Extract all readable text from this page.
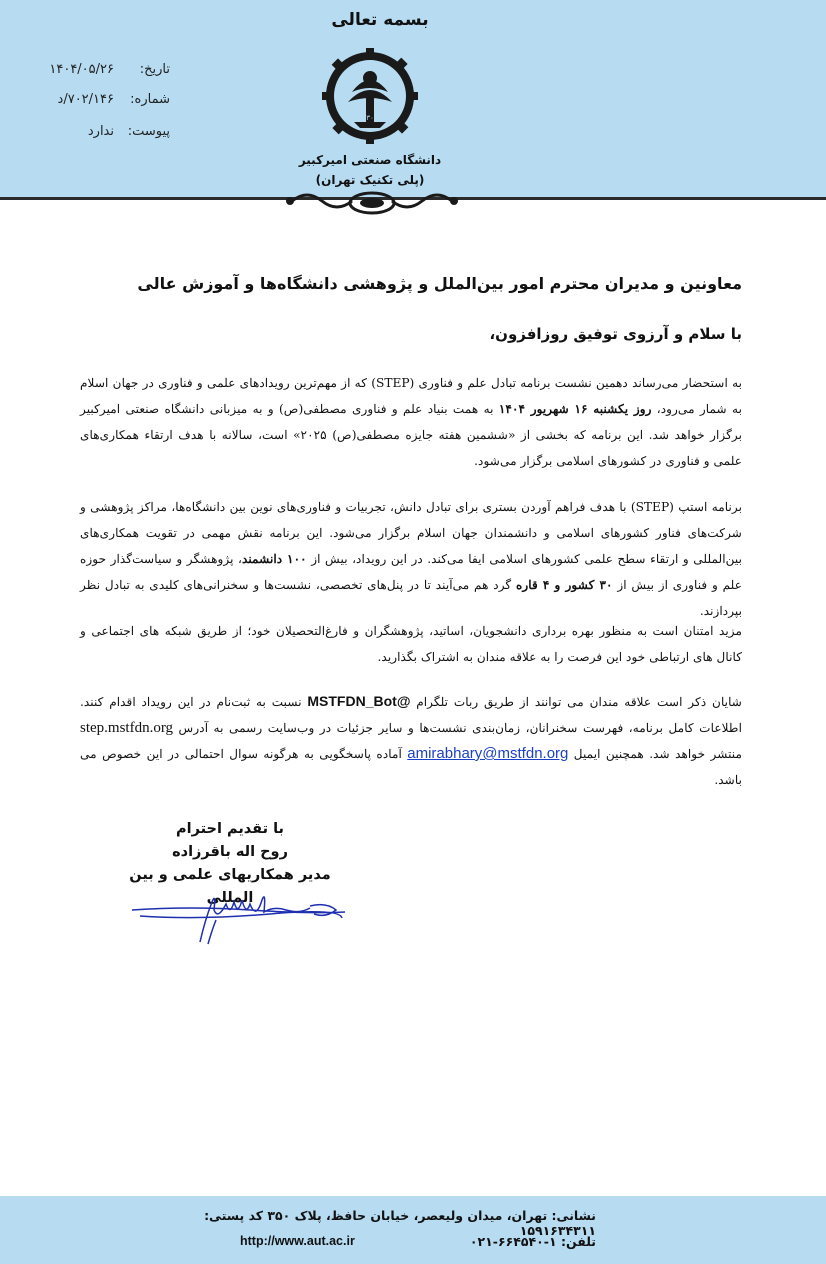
بسمه تعالی
۱۳۰۷
دانشگاه صنعتی امیرکبیر
(پلی تکنیک تهران)
تاریخ:
۱۴۰۴/۰۵/۲۶
شماره:
۷۰۲/۱۴۶/د
پیوست:
ندارد
معاونین و مدیران محترم امور بین‌الملل و پژوهشی دانشگاه‌ها و آموزش عالی
با سلام و آرزوی توفیق روزافزون،
به استحضار می‌رساند دهمین نشست برنامه تبادل علم و فناوری (STEP) که از مهم‌ترین رویدادهای علمی و فناوری در جهان اسلام به شمار می‌رود، روز یکشنبه ۱۶ شهریور ۱۴۰۴ به همت بنیاد علم و فناوری مصطفی(ص) و به میزبانی دانشگاه صنعتی امیرکبیر برگزار خواهد شد. این برنامه که بخشی از «ششمین هفته جایزه مصطفی(ص) ۲۰۲۵» است، سالانه با هدف ارتقاء همکاری‌های علمی و فناوری در کشورهای اسلامی برگزار می‌شود.
برنامه استپ (STEP) با هدف فراهم آوردن بستری برای تبادل دانش، تجربیات و فناوری‌های نوین بین دانشگاه‌ها، مراکز پژوهشی و شرکت‌های فناور کشورهای اسلامی و دانشمندان جهان اسلام برگزار می‌شود. این برنامه نقش مهمی در تقویت همکاری‌های بین‌المللی و ارتقاء سطح علمی کشورهای اسلامی ایفا می‌کند. در این رویداد، بیش از ۱۰۰ دانشمند، پژوهشگر و سیاست‌گذار حوزه علم و فناوری از بیش از ۳۰ کشور و ۴ قاره گرد هم می‌آیند تا در پنل‌های تخصصی، نشست‌ها و سخنرانی‌های کلیدی به تبادل نظر بپردازند.
مزید امتنان است به منظور بهره برداری دانشجویان، اساتید، پژوهشگران و فارغ‌التحصیلان خود؛ از طریق شبکه های اجتماعی و کانال های ارتباطی خود این فرصت را به علاقه مندان به اشتراک بگذارید.
شایان ذکر است علاقه مندان می توانند از طریق ربات تلگرام @MSTFDN_Bot نسبت به ثبت‌نام در این رویداد اقدام کنند. اطلاعات کامل برنامه، فهرست سخنرانان، زمان‌بندی نشست‌ها و سایر جزئیات در وب‌سایت رسمی به آدرس step.mstfdn.org منتشر خواهد شد. همچنین ایمیل amirabhary@mstfdn.org آماده پاسخگویی به هرگونه سوال احتمالی در این خصوص می باشد.
با تقدیم احترام
روح اله باقرزاده
مدیر همکاریهای علمی و بین المللی
نشانی: تهران، میدان ولیعصر، خیابان حافظ، پلاک ۳۵۰ کد پستی: ۱۵۹۱۶۳۴۳۱۱
تلفن: ۱-۶۶۴۵۴۰-۰۲۱
http://www.aut.ac.ir
